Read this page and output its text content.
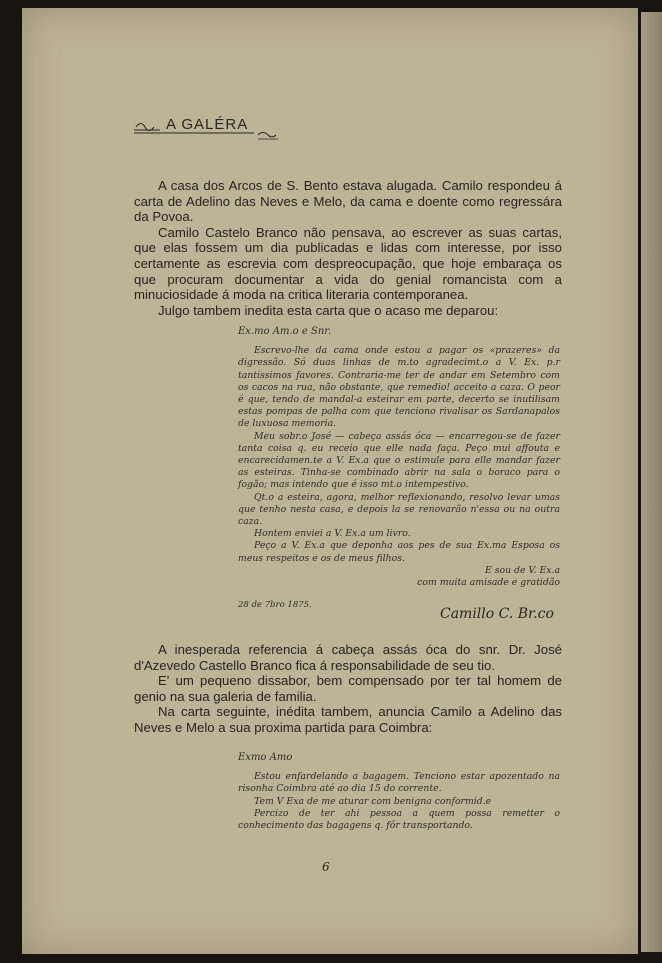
A GALÉRA

A casa dos Arcos de S. Bento estava alugada. Camilo respondeu á carta de Adelino das Neves e Melo, da cama e doente como regressára da Povoa.

Camilo Castelo Branco não pensava, ao escrever as suas cartas, que elas fossem um dia publicadas e lidas com interesse, por isso certamente as escrevia com despreocupação, que hoje embaraça os que procuram documentar a vida do genial romancista com a minuciosidade á moda na critica literaria contemporanea.

Julgo tambem inedita esta carta que o acaso me deparou:

Ex.mo Am.o e Snr.

Escrevo-lhe da cama onde estou a pagar os «prazeres» da digressão. Só duas linhas de m.to agradecimt.o a V. Ex. p.r tantissimos favores. Contraria-me ter de andar em Setembro com os cacos na rua, não obstante, que remedio! acceito a caza. O peor é que, tendo de mandal-a esteirar em parte, decerto se inutilisam estas pompas de palha com que tenciono rivalisar os Sardanapalos de luxuosa memoria.

Meu sobr.o José — cabeça assás óca — encarregou-se de fazer tanta coisa q. eu receio que elle nada faça. Peço mui affouta e encarecidamen.te a V. Ex.a que o estimule para elle mandar fazer as esteiras. Tinha-se combinado abrir na sala o boraco para o fogão; mas intendo que é isso mt.o intempestivo.

Qt.o a esteira, agora, melhor reflexionando, resolvo levar umas que tenho nesta casa, e depois la se renovarão n'essa ou na outra caza.

Hontem enviei a V. Ex.a um livro.

Peço a V. Ex.a que deponha aos pes de sua Ex.ma Esposa os meus respeitos e os de meus filhos.

E sou de V. Ex.a

com muita amisade e gratidão

28 de 7bro 1875.
Camillo C. Br.co

A inesperada referencia á cabeça assás óca do snr. Dr. José d'Azevedo Castello Branco fica á responsabilidade de seu tio.

E' um pequeno dissabor, bem compensado por ter tal homem de genio na sua galeria de familia.

Na carta seguinte, inédita tambem, anuncia Camilo a Adelino das Neves e Melo a sua proxima partida para Coimbra:

Exmo Amo

Estou enfardelando a bagagem. Tenciono estar apozentado na risonha Coimbra até ao dia 15 do corrente.

Tem V Exa de me aturar com benigna conformid.e

Percizo de ter ahi pessoa a quem possa remetter o conhecimento das bagagens q. fôr transportando.

6
